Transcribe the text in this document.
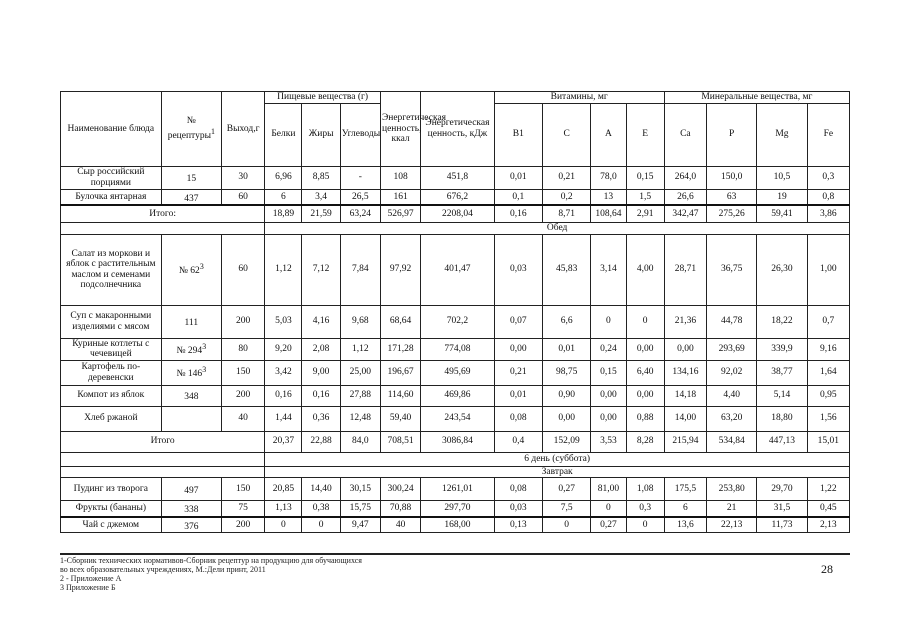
Наименование блюда	№ рецептуры$^1$	Выход,г	Пищевые вещества (г)			Энергетическая ценность, ккал	Энергетическая ценность, кДж	Витамины, мг				Минеральные вещества, мг			
			Белки	Жиры	Углеводы			B1	C	A	E	Ca	P	Mg	Fe
Сыр российский порциями	15	30	6,96	8,85	-	108	451,8	0,01	0,21	78,0	0,15	264,0	150,0	10,5	0,3
Булочка янтарная	437	60	6	3,4	26,5	161	676,2	0,1	0,2	13	1,5	26,6	63	19	0,8
Итого:			18,89	21,59	63,24	526,97	2208,04	0,16	8,71	108,64	2,91	342,47	275,26	59,41	3,86
			Обед												
Салат из моркови и яблок с растительным маслом и семенами подсолнечника	№ $62^3$	60	1,12	7,12	7,84	97,92	401,47	0,03	45,83	3,14	4,00	28,71	36,75	26,30	1,00
Суп с макаронными изделиями с мясом	111	200	5,03	4,16	9,68	68,64	702,2	0,07	6,6	0	0	21,36	44,78	18,22	0,7
Куриные котлеты с чечевицей	№ $294^3$	80	9,20	2,08	1,12	171,28	774,08	0,00	0,01	0,24	0,00	0,00	293,69	339,9	9,16
Картофель по-деревенски	№ $146^3$	150	3,42	9,00	25,00	196,67	495,69	0,21	98,75	0,15	6,40	134,16	92,02	38,77	1,64
Компот из яблок	348	200	0,16	0,16	27,88	114,60	469,86	0,01	0,90	0,00	0,00	14,18	4,40	5,14	0,95
Хлеб ржаной		40	1,44	0,36	12,48	59,40	243,54	0,08	0,00	0,00	0,88	14,00	63,20	18,80	1,56
Итого			20,37	22,88	84,0	708,51	3086,84	0,4	152,09	3,53	8,28	215,94	534,84	447,13	15,01
			6 день (суббота)												
			Завтрак												
Пудинг из творога	497	150	20,85	14,40	30,15	300,24	1261,01	0,08	0,27	81,00	1,08	175,5	253,80	29,70	1,22
Фрукты (бананы)	338	75	1,13	0,38	15,75	70,88	297,70	0,03	7,5	0	0,3	6	21	31,5	0,45
Чай с джемом	376	200	0	0	9,47	40	168,00	0,13	0	0,27	0	13,6	22,13	11,73	2,13
1-Сборник технических нормативов-Сборник рецептур на продукцию для обучающихся
во всех образовательных учреждениях, М.:Дели принт, 2011
2 - Приложение А
3 Приложение Б
28
